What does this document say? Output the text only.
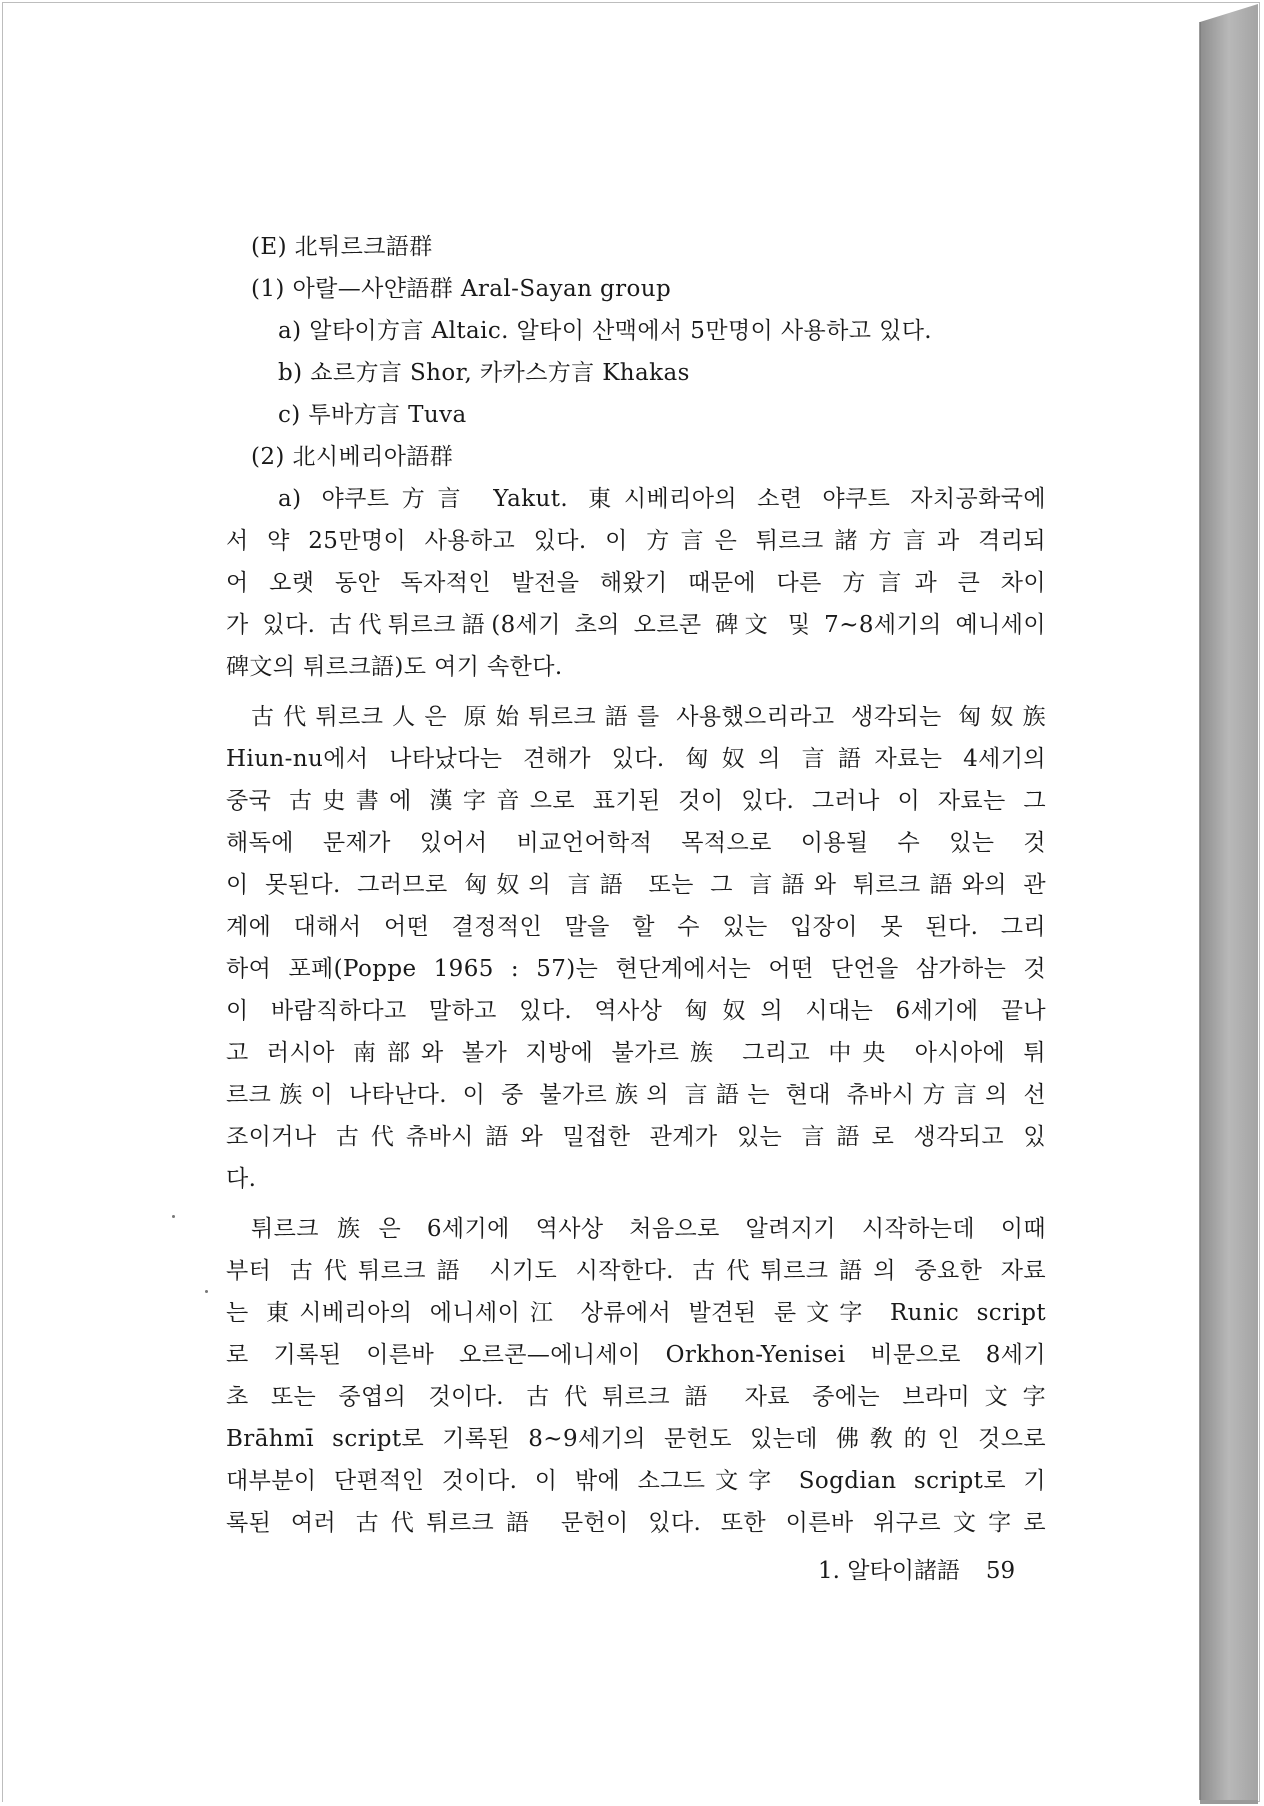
(E) 北튀르크語群
(1) 아랄—사얀語群 Aral-Sayan group
a) 알타이方言 Altaic. 알타이 산맥에서 5만명이 사용하고 있다.
b) 쇼르方言 Shor, 카카스方言 Khakas
c) 투바方言 Tuva
(2) 北시베리아語群
a) 야쿠트方言 Yakut. 東시베리아의 소련 야쿠트 자치공화국에
서 약 25만명이 사용하고 있다. 이 方言은 튀르크諸方言과 격리되
어 오랫 동안 독자적인 발전을 해왔기 때문에 다른 方言과 큰 차이
가 있다. 古代튀르크語(8세기 초의 오르콘 碑文 및 7~8세기의 예니세이
碑文의 튀르크語)도 여기 속한다.
古代튀르크人은 原始튀르크語를 사용했으리라고 생각되는 匈奴族
Hiun-nu에서 나타났다는 견해가 있다. 匈奴의 言語자료는 4세기의
중국 古史書에 漢字音으로 표기된 것이 있다. 그러나 이 자료는 그
해독에 문제가 있어서 비교언어학적 목적으로 이용될 수 있는 것
이 못된다. 그러므로 匈奴의 言語 또는 그 言語와 튀르크語와의 관
계에 대해서 어떤 결정적인 말을 할 수 있는 입장이 못 된다. 그리
하여 포페(Poppe 1965 : 57)는 현단계에서는 어떤 단언을 삼가하는 것
이 바람직하다고 말하고 있다. 역사상 匈奴의 시대는 6세기에 끝나
고 러시아 南部와 볼가 지방에 불가르族 그리고 中央 아시아에 튀
르크族이 나타난다. 이 중 불가르族의 言語는 현대 츄바시方言의 선
조이거나 古代츄바시語와 밀접한 관계가 있는 言語로 생각되고 있
다.
튀르크族은 6세기에 역사상 처음으로 알려지기 시작하는데 이때
부터 古代튀르크語 시기도 시작한다. 古代튀르크語의 중요한 자료
는 東시베리아의 에니세이江 상류에서 발견된 룬文字 Runic script
로 기록된 이른바 오르콘—에니세이 Orkhon-Yenisei 비문으로 8세기
초 또는 중엽의 것이다. 古代튀르크語 자료 중에는 브라미文字
Brāhmī script로 기록된 8~9세기의 문헌도 있는데 佛敎的인 것으로
대부분이 단편적인 것이다. 이 밖에 소그드文字 Sogdian script로 기
록된 여러 古代튀르크語 문헌이 있다. 또한 이른바 위구르文字로
1. 알타이諸語 59
